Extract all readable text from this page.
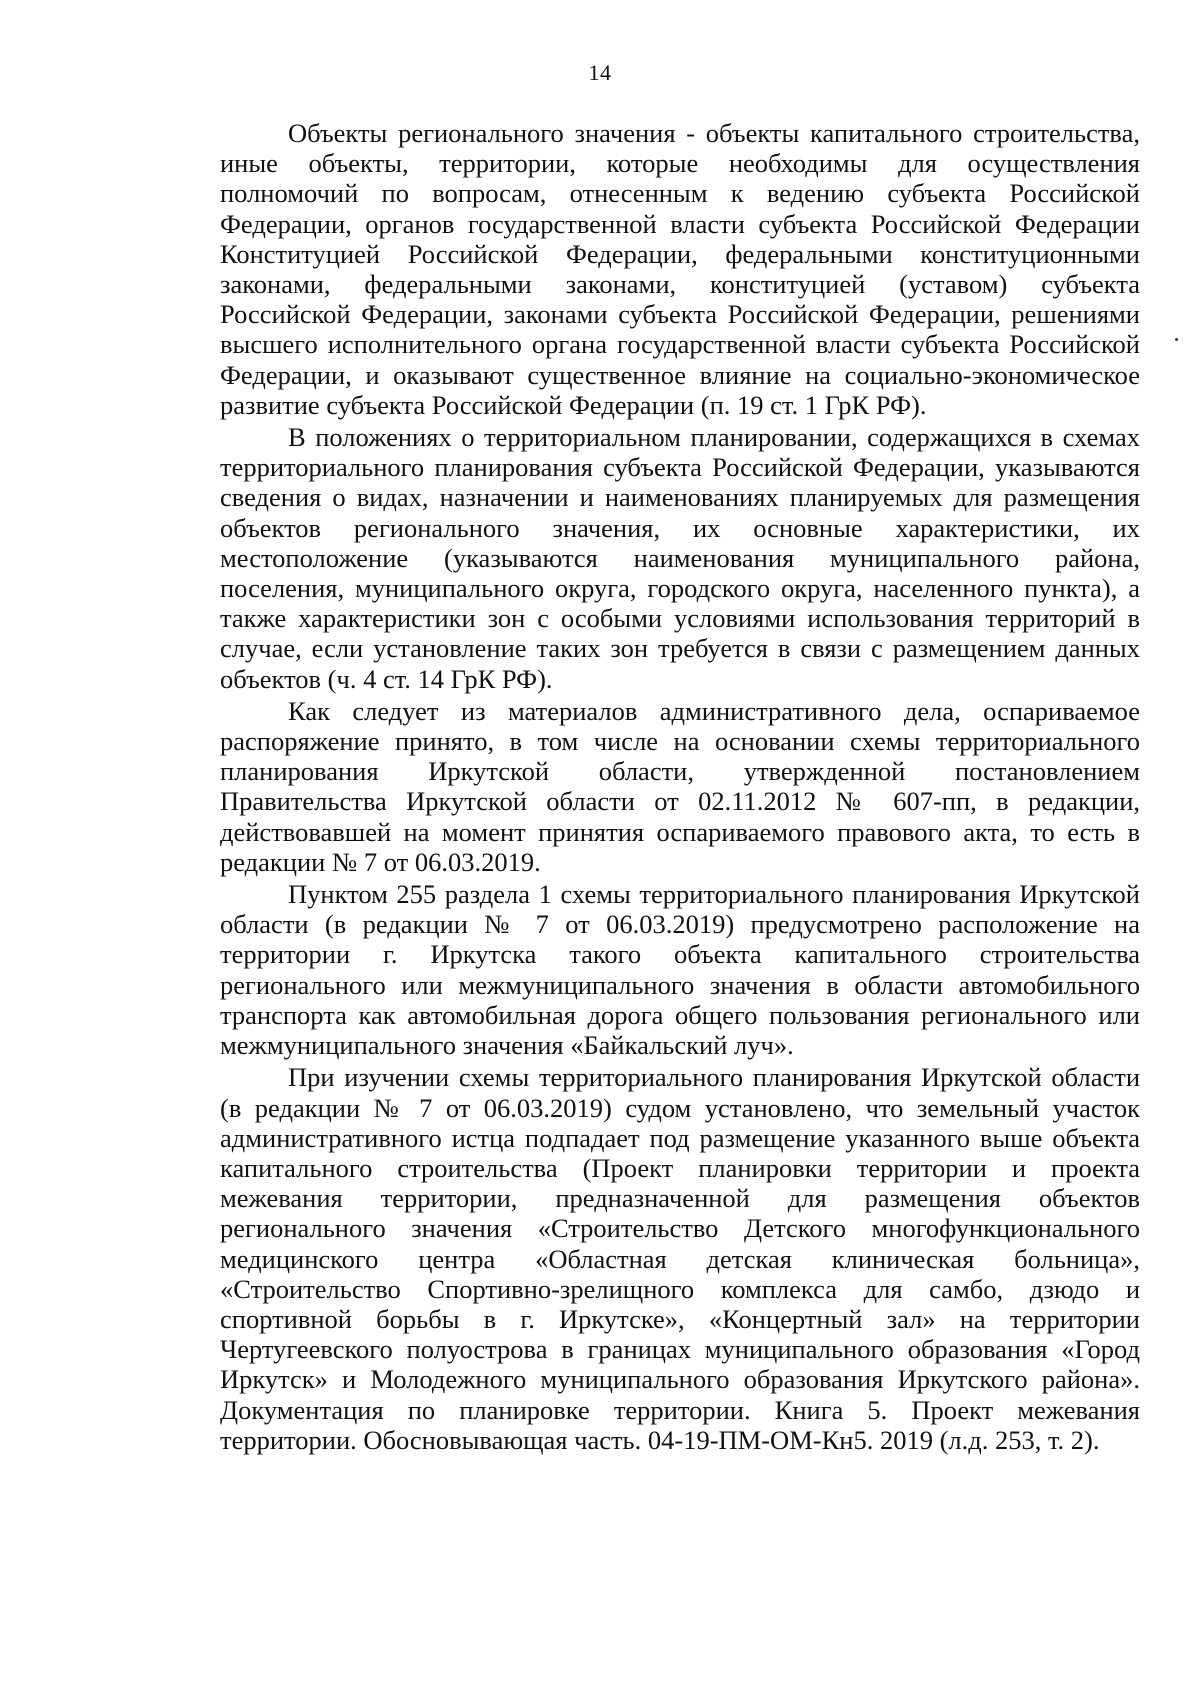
14

Объекты регионального значения - объекты капитального строительства, иные объекты, территории, которые необходимы для осуществления полномочий по вопросам, отнесенным к ведению субъекта Российской Федерации, органов государственной власти субъекта Российской Федерации Конституцией Российской Федерации, федеральными конституционными законами, федеральными законами, конституцией (уставом) субъекта Российской Федерации, законами субъекта Российской Федерации, решениями высшего исполнительного органа государственной власти субъекта Российской Федерации, и оказывают существенное влияние на социально-экономическое развитие субъекта Российской Федерации (п. 19 ст. 1 ГрК РФ).

В положениях о территориальном планировании, содержащихся в схемах территориального планирования субъекта Российской Федерации, указываются сведения о видах, назначении и наименованиях планируемых для размещения объектов регионального значения, их основные характеристики, их местоположение (указываются наименования муниципального района, поселения, муниципального округа, городского округа, населенного пункта), а также характеристики зон с особыми условиями использования территорий в случае, если установление таких зон требуется в связи с размещением данных объектов (ч. 4 ст. 14 ГрК РФ).

Как следует из материалов административного дела, оспариваемое распоряжение принято, в том числе на основании схемы территориального планирования Иркутской области, утвержденной постановлением Правительства Иркутской области от 02.11.2012 № 607-пп, в редакции, действовавшей на момент принятия оспариваемого правового акта, то есть в редакции № 7 от 06.03.2019.

Пунктом 255 раздела 1 схемы территориального планирования Иркутской области (в редакции № 7 от 06.03.2019) предусмотрено расположение на территории г. Иркутска такого объекта капитального строительства регионального или межмуниципального значения в области автомобильного транспорта как автомобильная дорога общего пользования регионального или межмуниципального значения «Байкальский луч».

При изучении схемы территориального планирования Иркутской области (в редакции № 7 от 06.03.2019) судом установлено, что земельный участок административного истца подпадает под размещение указанного выше объекта капитального строительства (Проект планировки территории и проекта межевания территории, предназначенной для размещения объектов регионального значения «Строительство Детского многофункционального медицинского центра «Областная детская клиническая больница», «Строительство Спортивно-зрелищного комплекса для самбо, дзюдо и спортивной борьбы в г. Иркутске», «Концертный зал» на территории Чертугеевского полуострова в границах муниципального образования «Город Иркутск» и Молодежного муниципального образования Иркутского района». Документация по планировке территории. Книга 5. Проект межевания территории. Обосновывающая часть. 04-19-ПМ-ОМ-Кн5. 2019 (л.д. 253, т. 2).
